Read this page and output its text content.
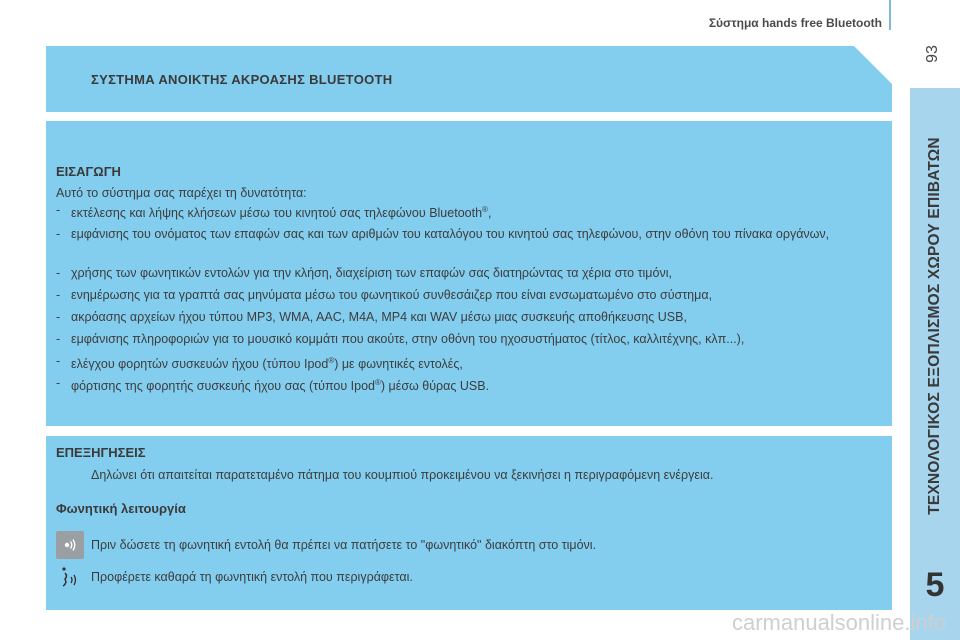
Σύστημα hands free Bluetooth
93
ΤΕΧΝΟΛΟΓΙΚΟΣ ΕΞΟΠΛΙΣΜΟΣ ΧΩΡΟΥ ΕΠΙΒΑΤΩΝ
5
ΣΥΣΤΗΜΑ ΑΝΟΙΚΤΗΣ ΑΚΡΟΑΣΗΣ BLUETOOTH
ΕΙΣΑΓΩΓΗ
Αυτό το σύστημα σας παρέχει τη δυνατότητα:
- εκτέλεσης και λήψης κλήσεων μέσω του κινητού σας τηλεφώνου Bluetooth®,
- εμφάνισης του ονόματος των επαφών σας και των αριθμών του καταλόγου του κινητού σας τηλεφώνου, στην οθόνη του πίνακα οργάνων,
- χρήσης των φωνητικών εντολών για την κλήση, διαχείριση των επαφών σας διατηρώντας τα χέρια στο τιμόνι,
- ενημέρωσης για τα γραπτά σας μηνύματα μέσω του φωνητικού συνθεσάιζερ που είναι ενσωματωμένο στο σύστημα,
- ακρόασης αρχείων ήχου τύπου MP3, WMA, AAC, M4A, MP4 και WAV μέσω μιας συσκευής αποθήκευσης USB,
- εμφάνισης πληροφοριών για το μουσικό κομμάτι που ακούτε, στην οθόνη του ηχοσυστήματος (τίτλος, καλλιτέχνης, κλπ...),
- ελέγχου φορητών συσκευών ήχου (τύπου Ipod®) με φωνητικές εντολές,
- φόρτισης της φορητής συσκευής ήχου σας (τύπου Ipod®) μέσω θύρας USB.
ΕΠΕΞΗΓΗΣΕΙΣ
Δηλώνει ότι απαιτείται παρατεταμένο πάτημα του κουμπιού προκειμένου να ξεκινήσει η περιγραφόμενη ενέργεια.
Φωνητική λειτουργία
Πριν δώσετε τη φωνητική εντολή θα πρέπει να πατήσετε το "φωνητικό" διακόπτη στο τιμόνι.
Προφέρετε καθαρά τη φωνητική εντολή που περιγράφεται.
carmanualsonline.info
